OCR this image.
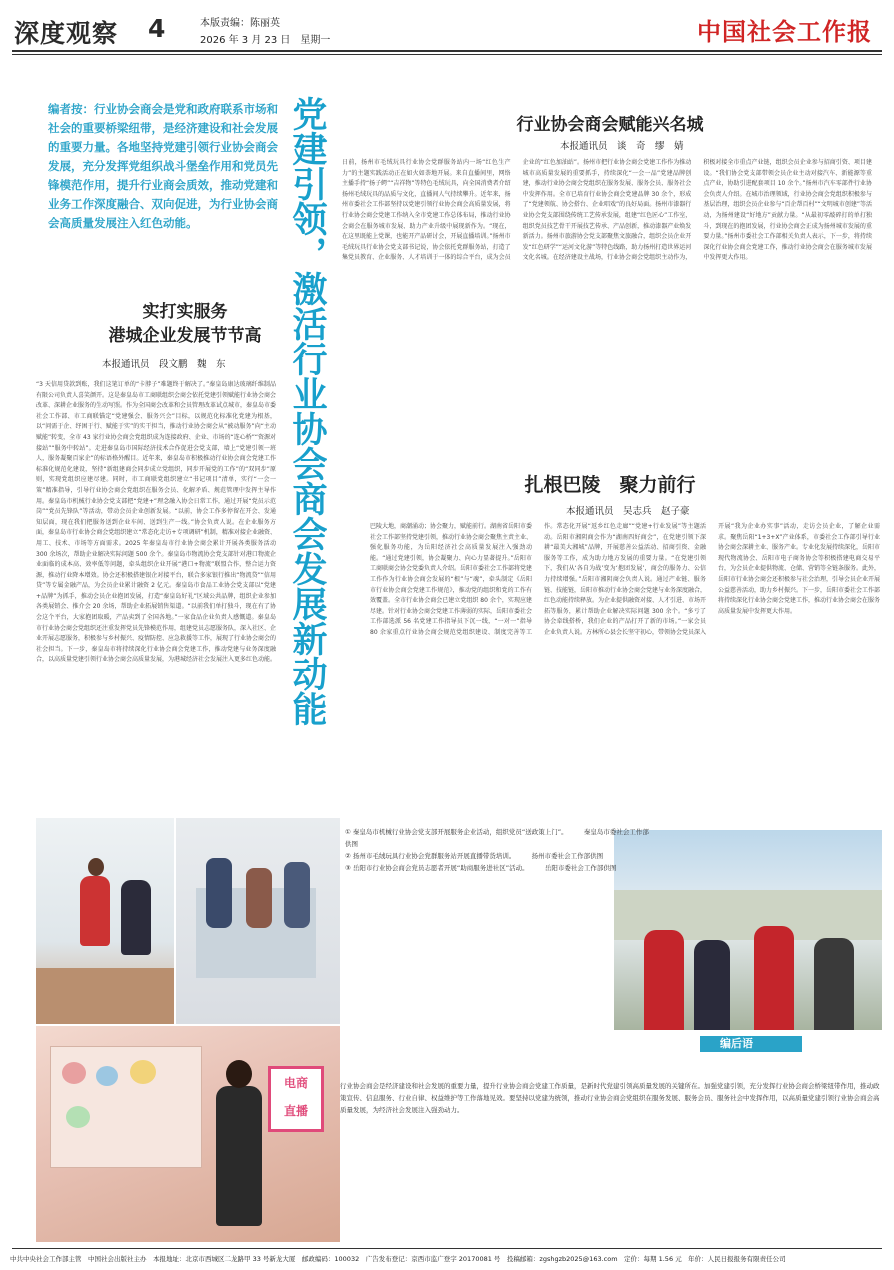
深度观察 4	本版责编：陈丽英
2026 年 3 月 23 日　星期一	中国社会工作报
编者按：行业协会商会是党和政府联系市场和社会的重要桥梁纽带，是经济建设和社会发展的重要力量。各地坚持党建引领行业协会商会发展，充分发挥党组织战斗堡垒作用和党员先锋模范作用，提升行业商会质效，推动党建和业务工作深度融合、双向促进，为行业协会商会高质量发展注入红色动能。	党建引领，激活行业协会商会发展新动能
实打实服务
港城企业发展节节高
本报通讯员　段文鹏　魏　东
“3 天信用贷款到账，我们这笔订单的“卡脖子”难题终于解决了。”秦皇岛康达玻璃纤维制品有限公司负责人喜笑颜开。这是秦皇岛市工商联组织会商会依托党建引领赋能行业协会商会改革、深耕企业服务的生动写照。作为全国商会改革和会员管理改革试点城市，秦皇岛市委社会工作部、市工商联锚定“党建强会、服务兴会”目标，以规范化标准化党建为根基，以“问需于企、纾困于行、赋能于实”的实干担当，推动行业协会商会从“被动服务”向“主动赋能”转变，全市 43 家行业协会商会党组织成为连接政府、企业、市场的“连心桥”“资源对接站”“服务中转站”。走进秦皇岛市国际经济技术合作促进会党支部，墙上“党建引领一班人，服务凝聚百家企”的标语格外醒目。近年来，秦皇岛市积极推动行业协会商会党建工作标准化规范化建设，坚持“新组建商会同步成立党组织，同步开展党的工作”的“双同步”原则，实现党组织应建尽建。同时，市工商联党组织建立“书记项目”清单，实行“一会一策”精准指导，引导行业协会商会党组织在服务会员、化解矛盾、规范管理中发挥主导作用。秦皇岛市机械行业协会党支部把“党建+”理念融入协会日常工作，通过开展“党员示范岗”“党员先锋队”等活动，带动会员企业创新发展。“以前，协会工作多停留在开会、发通知层面，现在我们把服务送到企业车间、送到生产一线。”协会负责人说。在企业服务方面，秦皇岛市行业协会商会党组织建立“常态化走访+专项调研”机制，精准对接企业融资、用工、技术、市场等方面需求。2025 年秦皇岛市行业协会商会累计开展各类服务活动 300 余场次，帮助企业解决实际问题 500 余个。秦皇岛市物流协会党支部针对港口物流企业面临的成本高、效率低等问题，牵头组织企业开展“港口+物流”联盟合作，整合运力资源，推动行业降本增效。协会还积极搭建银企对接平台，联合多家银行推出“物流贷”“信用贷”等专属金融产品，为会员企业累计融资 2 亿元。秦皇岛市食品工业协会党支部以“党建+品牌”为抓手，推动会员企业抱团发展，打造“秦皇岛好礼”区域公共品牌，组织企业参加各类展销会、推介会 20 余场，帮助企业拓展销售渠道。“以前我们单打独斗，现在有了协会这个平台，大家抱团取暖，产品卖到了全国各地。”一家食品企业负责人感慨道。秦皇岛市行业协会商会党组织还注重发挥党员先锋模范作用，组建党员志愿服务队，深入社区、企业开展志愿服务，积极参与乡村振兴、疫情防控、应急救援等工作，展现了行业协会商会的社会担当。下一步，秦皇岛市将持续深化行业协会商会党建工作，推动党建与业务深度融合，以高质量党建引领行业协会商会高质量发展，为港城经济社会发展注入更多红色动能。
行业协会商会赋能兴名城
本报通讯员　谈　奇　缪　婧
日前，扬州市毛绒玩具行业协会党群服务站内一场“红色生产力”的主题实践活动正在如火如荼地开展。来自直播间里，网络主播手持“扬子鳄”“吉祥物”等特色毛绒玩具，向全国消费者介绍扬州毛绒玩具的品质与文化，直播间人气持续攀升。近年来，扬州市委社会工作部坚持以党建引领行业协会商会高质量发展，将行业协会商会党建工作纳入全市党建工作总体布局，推动行业协会商会在服务城市发展、助力产业升级中展现新作为。“现在，在这里既能上党课，也能开产品研讨会，开展直播培训。”扬州市毛绒玩具行业协会党支部书记说，协会依托党群服务站，打造了集党员教育、企业服务、人才培训于一体的综合平台，成为会员企业的“红色加油站”。扬州市把行业协会商会党建工作作为推动城市高质量发展的重要抓手，持续深化“一会一品”党建品牌创建，推动行业协会商会党组织在服务发展、服务会员、服务社会中发挥作用。全市已培育行业协会商会党建品牌 30 余个，形成了“党建领航、协会搭台、企业唱戏”的良好局面。扬州市漆器行业协会党支部围绕传统工艺传承发展，组建“红色匠心”工作室，组织党员技艺骨干开展技艺传承、产品创新，推动漆器产业焕发新活力。扬州市旅游协会党支部聚焦文旅融合，组织会员企业开发“红色研学”“运河文化游”等特色线路，助力扬州打造世界运河文化名城。在经济建设主战场，行业协会商会党组织主动作为，积极对接全市重点产业链，组织会员企业参与招商引资、项目建设。“我们协会党支部带领会员企业主动对接汽车、新能源等重点产业，协助引进配套项目 10 余个。”扬州市汽车零部件行业协会负责人介绍。在城市治理领域，行业协会商会党组织积极参与基层治理，组织会员企业参与“百企帮百村”“文明城市创建”等活动，为扬州建设“好地方”贡献力量。“从最初零敲碎打的单打独斗，到现在的抱团发展，行业协会商会正成为扬州城市发展的重要力量。”扬州市委社会工作部相关负责人表示，下一步，将持续深化行业协会商会党建工作，推动行业协会商会在服务城市发展中发挥更大作用。
扎根巴陵　聚力前行
本报通讯员　吴志兵　赵子豪
巴陵大地，商潮涌动；协会聚力，赋能前行。湖南省岳阳市委社会工作部坚持党建引领，推动行业协会商会聚焦主责主业、强化服务功能，为岳阳经济社会高质量发展注入强劲动能。“通过党建引领，协会凝聚力、向心力显著提升。”岳阳市工商联商会协会党委负责人介绍。岳阳市委社会工作部将党建工作作为行业协会商会发展的“根”与“魂”，牵头制定《岳阳市行业协会商会党建工作规范》，推动党的组织和党的工作有效覆盖。全市行业协会商会已建立党组织 80 余个，实现应建尽建。针对行业协会商会党建工作薄弱的实际，岳阳市委社会工作部选派 56 名党建工作指导员下沉一线，“一对一”指导 80 余家重点行业协会商会规范党组织建设、制度完善等工作。常态化开展“返乡红色走廊”“党建+行业发展”等主题活动。岳阳市湘阴商会作为“湖南四好商会”，在党建引领下深耕“最美大湘城”品牌，开展慈善公益活动、招商引资、金融服务等工作，成为助力地方发展的重要力量。“在党建引领下，我们从‘各自为战’变为‘抱团发展’，商会的服务力、公信力持续增强。”岳阳市湘阴商会负责人说。通过产业链、服务链、技能链，岳阳市推动行业协会商会党建与业务深度融合，红色动能持续释放。为企业提供融资对接、人才引进、市场开拓等服务，累计帮助企业解决实际问题 300 余个。“多亏了协会牵线搭桥，我们企业的产品打开了新的市场。”一家会员企业负责人说。方林所心县会长坚守初心，带领协会党员深入开展“我为企业办实事”活动，走访会员企业，了解企业需求。聚焦岳阳“1+3+X”产业体系，市委社会工作部引导行业协会商会深耕主业、服务产业。专业化发展持续深化，岳阳市现代物流协会、岳阳市电子商务协会等积极搭建电商交易平台，为会员企业提供物流、仓储、营销等全链条服务。此外，岳阳市行业协会商会还积极参与社会治理，引导会员企业开展公益慈善活动，助力乡村振兴。下一步，岳阳市委社会工作部将持续深化行业协会商会党建工作，推动行业协会商会在服务高质量发展中发挥更大作用。
电商
直播
① 秦皇岛市机械行业协会党支部开展服务企业活动，组织党员“送政策上门”。　　　秦皇岛市委社会工作部供图
② 扬州市毛绒玩具行业协会党群服务站开展直播带货培训。　　　扬州市委社会工作部供图
③ 岳阳市行业协会商会党员志愿者开展“助商服务进社区”活动。　　　岳阳市委社会工作部供图
编后语
行业协会商会是经济建设和社会发展的重要力量，提升行业协会商会党建工作质量，是新时代党建引领高质量发展的关键所在。加强党建引领，充分发挥行业协会商会桥梁纽带作用，推动政策宣传、信息服务、行业自律、权益维护等工作落地见效。要坚持以党建为统领，推动行业协会商会党组织在服务发展、服务会员、服务社会中发挥作用，以高质量党建引领行业协会商会高质量发展，为经济社会发展注入强劲动力。
中共中央社会工作部主管　中国社会出版社主办　本报地址：北京市西城区二龙路甲 33 号新龙大厦　邮政编码：100032　广告发布登记：京西市监广登字 20170081 号　投稿邮箱：zgshgzb2025@163.com　定价：每期 1.56 元　年价：人民日报报务有限责任公司
